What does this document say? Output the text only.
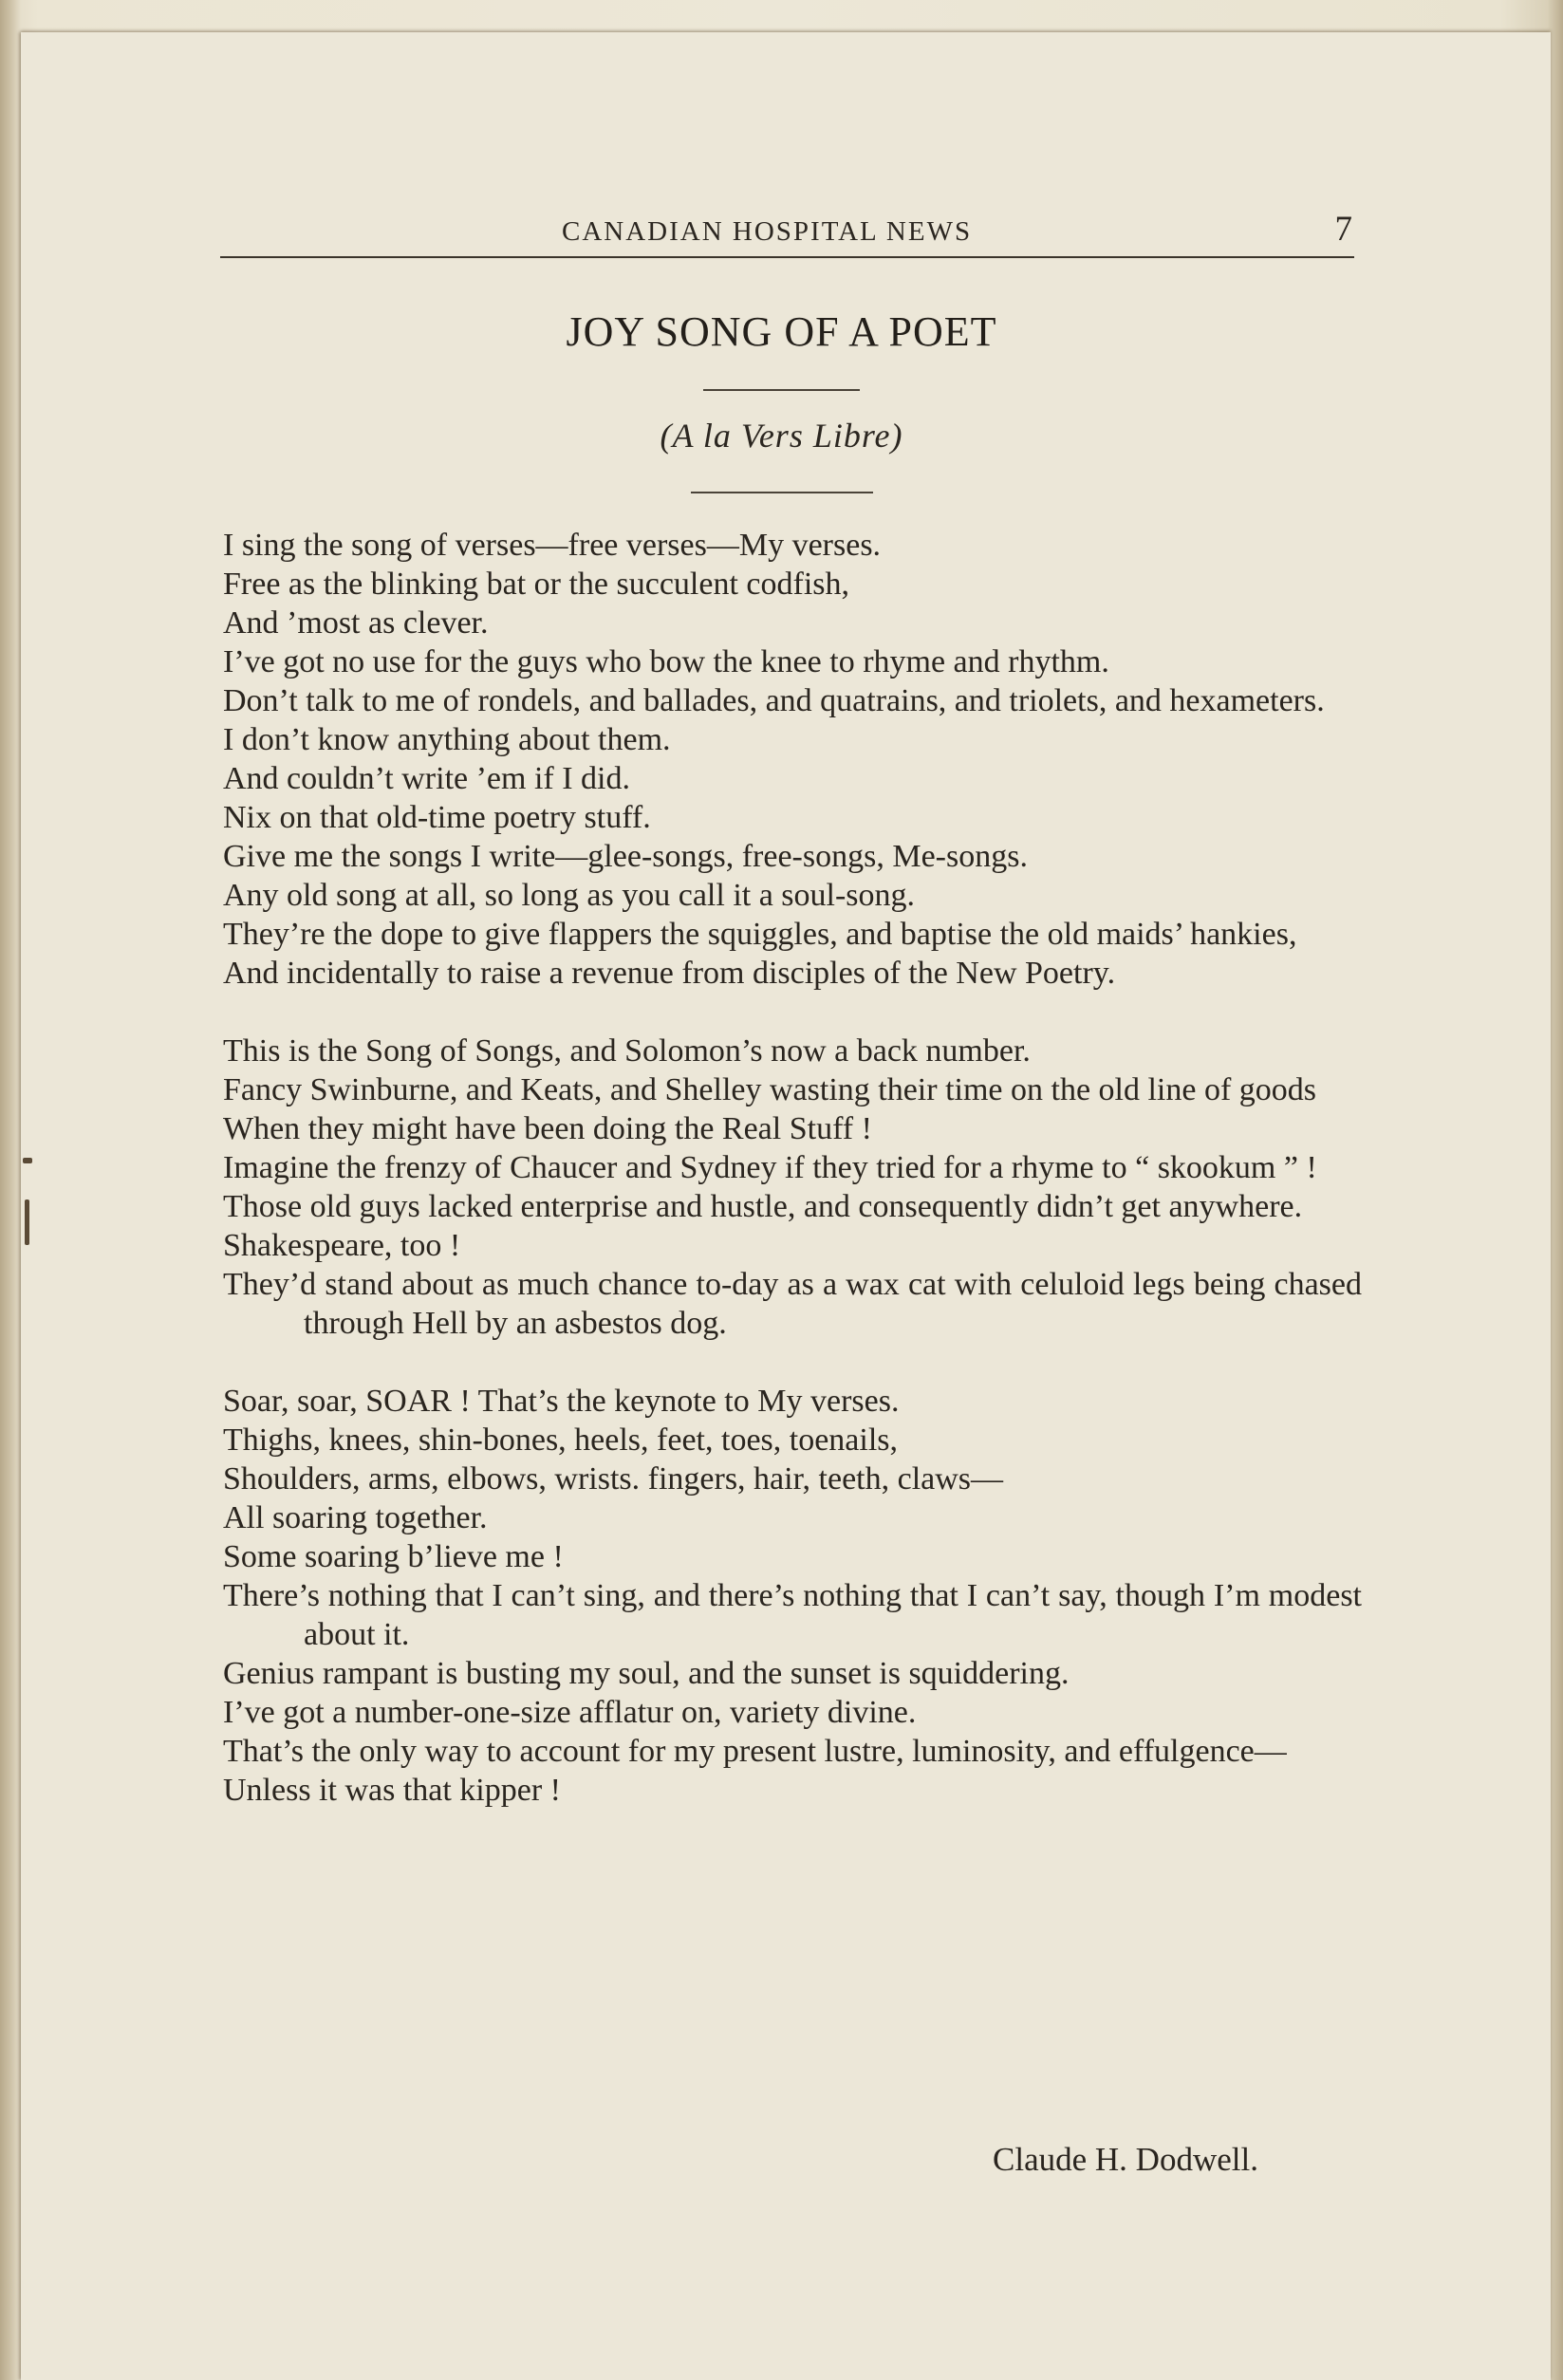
CANADIAN HOSPITAL NEWS	7
JOY SONG OF A POET
(A la Vers Libre)
I sing the song of verses—free verses—My verses.
Free as the blinking bat or the succulent codfish,
And ’most as clever.
I’ve got no use for the guys who bow the knee to rhyme and rhythm.
Don’t talk to me of rondels, and ballades, and quatrains, and triolets, and hexameters.
I don’t know anything about them.
And couldn’t write ’em if I did.
Nix on that old-time poetry stuff.
Give me the songs I write—glee-songs, free-songs, Me-songs.
Any old song at all, so long as you call it a soul-song.
They’re the dope to give flappers the squiggles, and baptise the old maids’ hankies,
And incidentally to raise a revenue from disciples of the New Poetry.
This is the Song of Songs, and Solomon’s now a back number.
Fancy Swinburne, and Keats, and Shelley wasting their time on the old line of goods
When they might have been doing the Real Stuff !
Imagine the frenzy of Chaucer and Sydney if they tried for a rhyme to “ skookum ” !
Those old guys lacked enterprise and hustle, and consequently didn’t get anywhere.
Shakespeare, too !
They’d stand about as much chance to-day as a wax cat with celuloid legs being chased through Hell by an asbestos dog.
Soar, soar, SOAR ! That’s the keynote to My verses.
Thighs, knees, shin-bones, heels, feet, toes, toenails,
Shoulders, arms, elbows, wrists. fingers, hair, teeth, claws—
All soaring together.
Some soaring b’lieve me !
There’s nothing that I can’t sing, and there’s nothing that I can’t say, though I’m modest about it.
Genius rampant is busting my soul, and the sunset is squiddering.
I’ve got a number-one-size afflatur on, variety divine.
That’s the only way to account for my present lustre, luminosity, and effulgence—
Unless it was that kipper !
Claude H. Dodwell.
